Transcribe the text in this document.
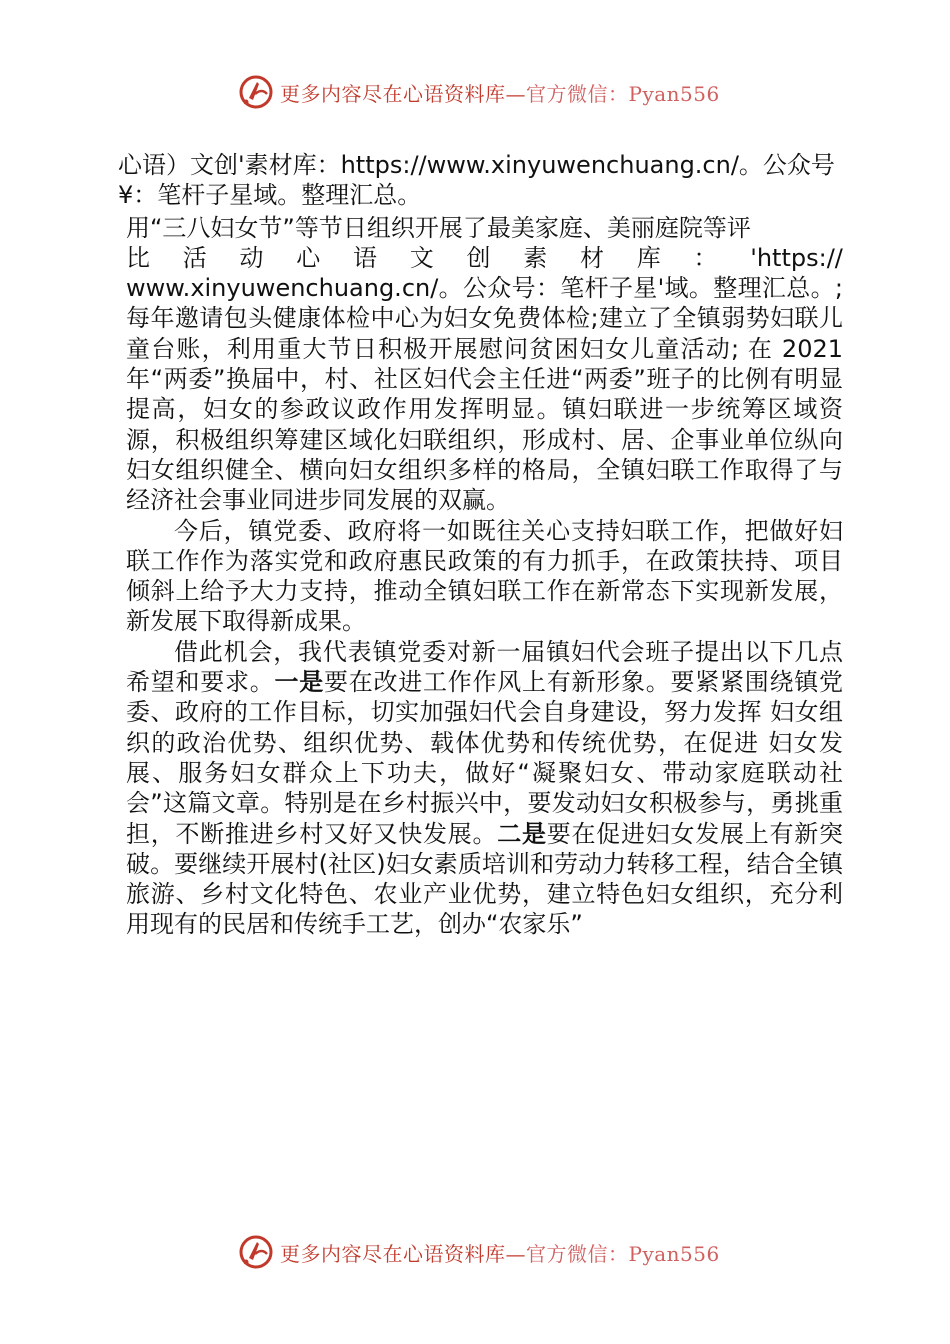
更多内容尽在心语资料库—官方微信：Pyan556
心语）文创'素材库：https://www.xinyuwenchuang.cn/。公众号
¥：笔杆子星域。整理汇总。
用“三八妇女节”等节日组织开展了最美家庭、美丽庭院等评
比 活 动 心 语 文 创 素 材 库 ： 'https://
www.xinyuwenchuang.cn/。公众号：笔杆子星'域。整理汇总。;每年邀请包头健康体检中心为妇女免费体检;建立了全镇弱势妇联儿童台账，利用重大节日积极开展慰问贫困妇女儿童活动; 在 2021 年“两委”换届中，村、社区妇代会主任进“两委”班子的比例有明显提高，妇女的参政议政作用发挥明显。镇妇联进一步统筹区域资源，积极组织筹建区域化妇联组织，形成村、居、企事业单位纵向妇女组织健全、横向妇女组织多样的格局，全镇妇联工作取得了与经济社会事业同进步同发展的双赢。
今后，镇党委、政府将一如既往关心支持妇联工作，把做好妇联工作作为落实党和政府惠民政策的有力抓手，在政策扶持、项目倾斜上给予大力支持，推动全镇妇联工作在新常态下实现新发展，新发展下取得新成果。
借此机会，我代表镇党委对新一届镇妇代会班子提出以下几点希望和要求。一是要在改进工作作风上有新形象。要紧紧围绕镇党委、政府的工作目标，切实加强妇代会自身建设，努力发挥 妇女组织的政治优势、组织优势、载体优势和传统优势，在促进 妇女发展、服务妇女群众上下功夫，做好“凝聚妇女、带动家庭联动社会”这篇文章。特别是在乡村振兴中，要发动妇女积极参与，勇挑重担，不断推进乡村又好又快发展。二是要在促进妇女发展上有新突破。要继续开展村(社区)妇女素质培训和劳动力转移工程，结合全镇旅游、乡村文化特色、农业产业优势，建立特色妇女组织，充分利用现有的民居和传统手工艺，创办“农家乐”
更多内容尽在心语资料库—官方微信：Pyan556
